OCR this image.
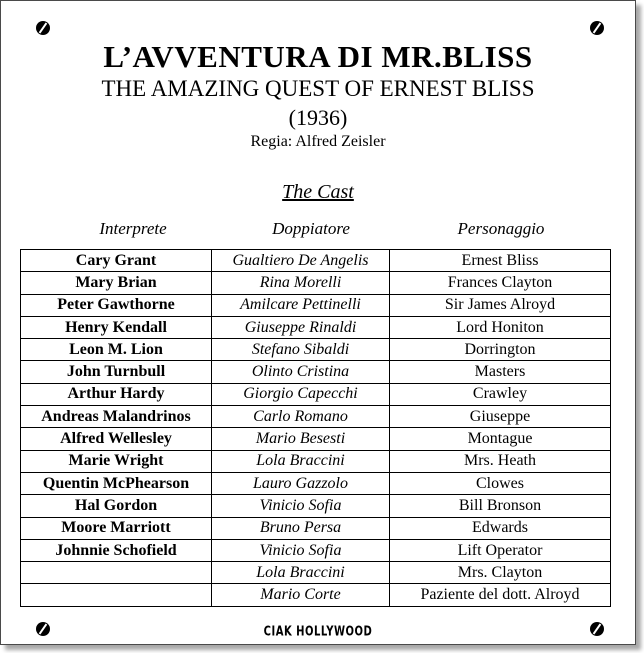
L’AVVENTURA DI MR.BLISS
THE AMAZING QUEST OF ERNEST BLISS
(1936)
Regia: Alfred Zeisler
The Cast
Interprete	Doppiatore	Personaggio
Cary Grant	Gualtiero De Angelis	Ernest Bliss
Mary Brian	Rina Morelli	Frances Clayton
Peter Gawthorne	Amilcare Pettinelli	Sir James Alroyd
Henry Kendall	Giuseppe Rinaldi	Lord Honiton
Leon M. Lion	Stefano Sibaldi	Dorrington
John Turnbull	Olinto Cristina	Masters
Arthur Hardy	Giorgio Capecchi	Crawley
Andreas Malandrinos	Carlo Romano	Giuseppe
Alfred Wellesley	Mario Besesti	Montague
Marie Wright	Lola Braccini	Mrs. Heath
Quentin McPhearson	Lauro Gazzolo	Clowes
Hal Gordon	Vinicio Sofia	Bill Bronson
Moore Marriott	Bruno Persa	Edwards
Johnnie Schofield	Vinicio Sofia	Lift Operator
	Lola Braccini	Mrs. Clayton
	Mario Corte	Paziente del dott. Alroyd
CIAK HOLLYWOOD
